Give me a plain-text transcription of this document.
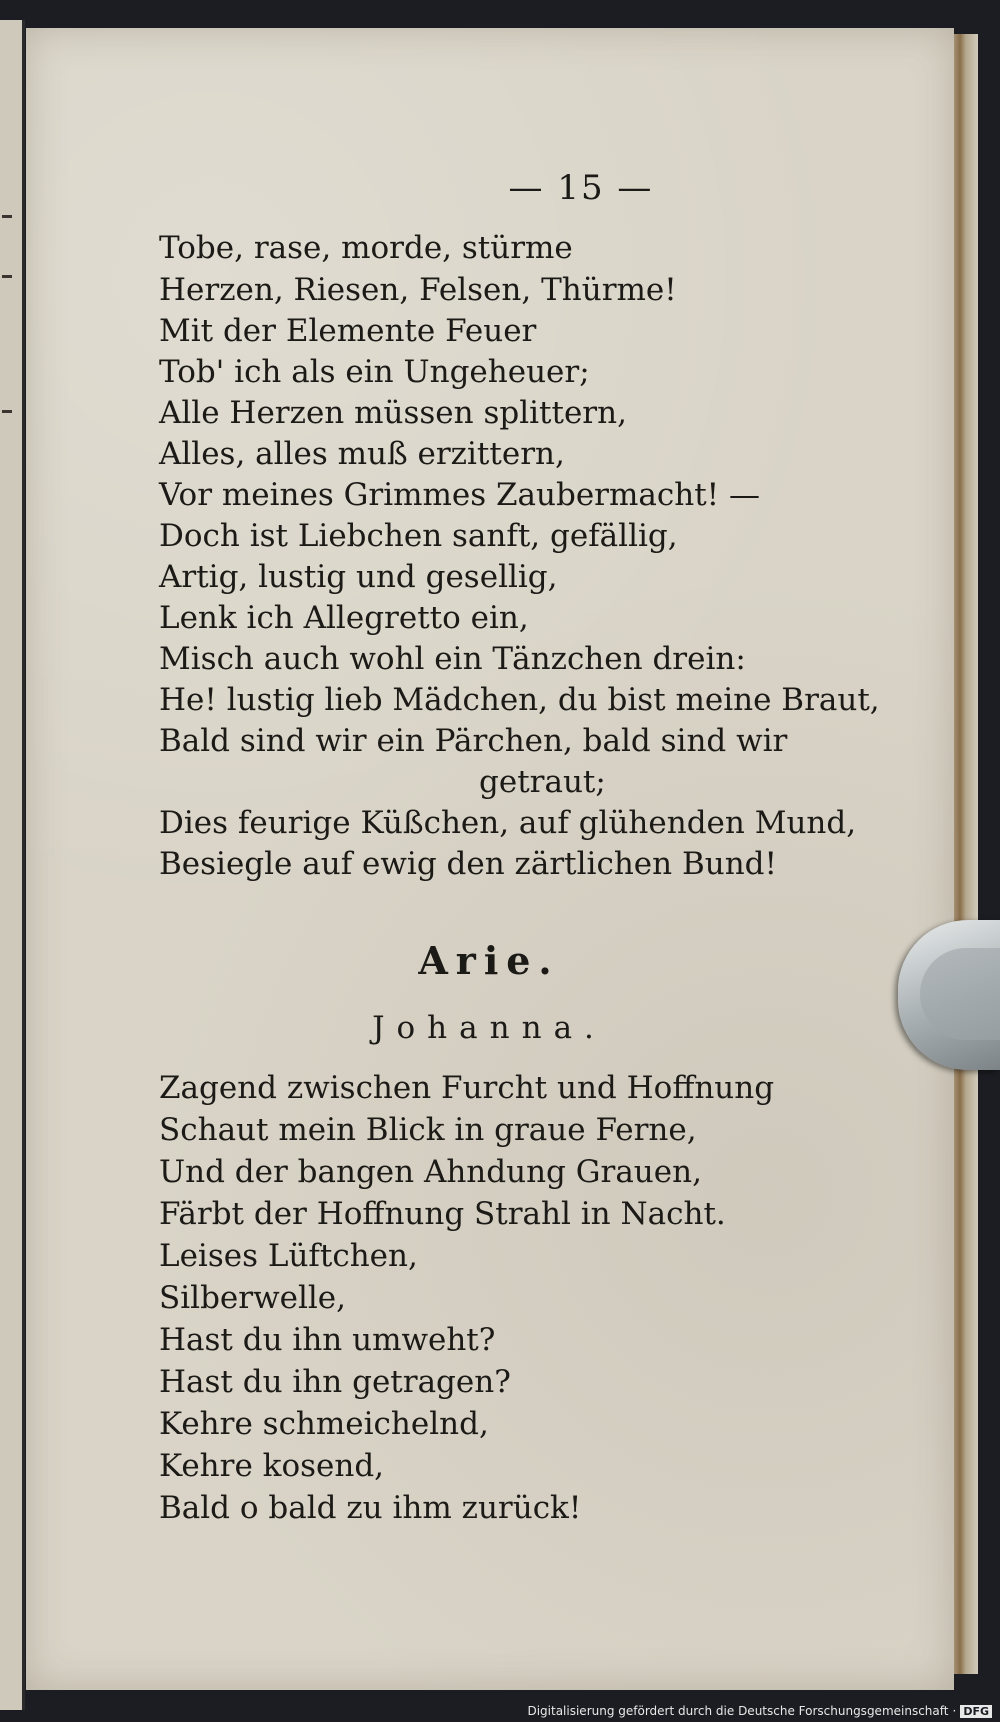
— 15 —
Tobe, rase, morde, stürme
Herzen, Riesen, Felsen, Thürme!
Mit der Elemente Feuer
Tob' ich als ein Ungeheuer;
Alle Herzen müssen splittern,
Alles, alles muß erzittern,
Vor meines Grimmes Zaubermacht! —
Doch ist Liebchen sanft, gefällig,
Artig, lustig und gesellig,
Lenk ich Allegretto ein,
Misch auch wohl ein Tänzchen drein:
He! lustig lieb Mädchen, du bist meine Braut,
Bald sind wir ein Pärchen, bald sind wir
getraut;
Dies feurige Küßchen, auf glühenden Mund,
Besiegle auf ewig den zärtlichen Bund!
Arie.
Johanna.
Zagend zwischen Furcht und Hoffnung
Schaut mein Blick in graue Ferne,
Und der bangen Ahndung Grauen,
Färbt der Hoffnung Strahl in Nacht.
Leises Lüftchen,
Silberwelle,
Hast du ihn umweht?
Hast du ihn getragen?
Kehre schmeichelnd,
Kehre kosend,
Bald o bald zu ihm zurück!
Digitalisierung gefördert durch die Deutsche Forschungsgemeinschaft · DFG
